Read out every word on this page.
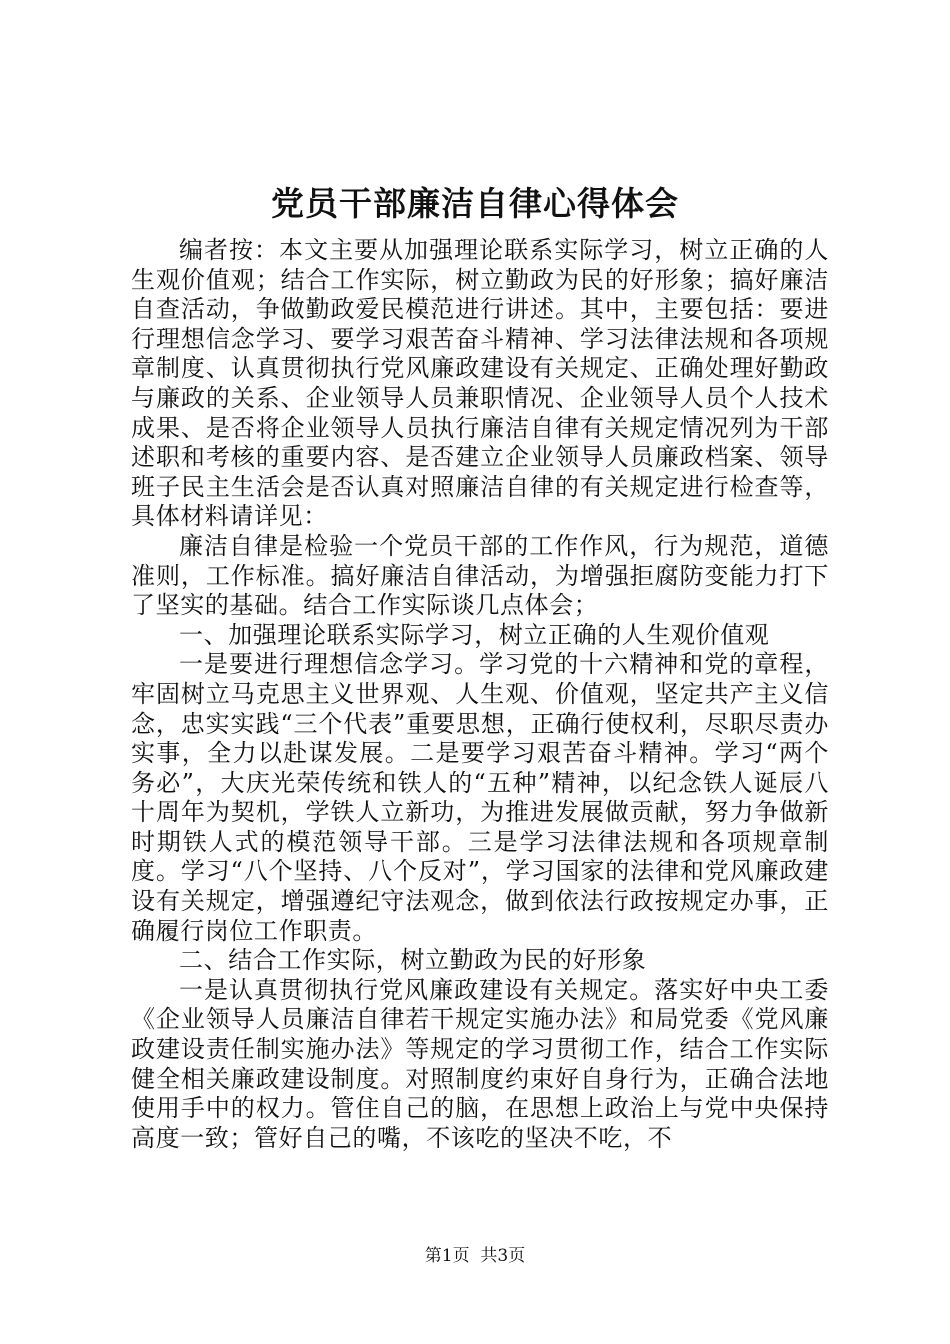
党员干部廉洁自律心得体会

编者按：本文主要从加强理论联系实际学习，树立正确的人生观价值观；结合工作实际，树立勤政为民的好形象；搞好廉洁自查活动，争做勤政爱民模范进行讲述。其中，主要包括：要进行理想信念学习、要学习艰苦奋斗精神、学习法律法规和各项规章制度、认真贯彻执行党风廉政建设有关规定、正确处理好勤政与廉政的关系、企业领导人员兼职情况、企业领导人员个人技术成果、是否将企业领导人员执行廉洁自律有关规定情况列为干部述职和考核的重要内容、是否建立企业领导人员廉政档案、领导班子民主生活会是否认真对照廉洁自律的有关规定进行检查等，具体材料请详见：

廉洁自律是检验一个党员干部的工作作风，行为规范，道德准则，工作标准。搞好廉洁自律活动，为增强拒腐防变能力打下了坚实的基础。结合工作实际谈几点体会；

一、加强理论联系实际学习，树立正确的人生观价值观

一是要进行理想信念学习。学习党的十六精神和党的章程，牢固树立马克思主义世界观、人生观、价值观，坚定共产主义信念，忠实实践“三个代表”重要思想，正确行使权利，尽职尽责办实事，全力以赴谋发展。二是要学习艰苦奋斗精神。学习“两个务必”，大庆光荣传统和铁人的“五种”精神，以纪念铁人诞辰八十周年为契机，学铁人立新功，为推进发展做贡献，努力争做新时期铁人式的模范领导干部。三是学习法律法规和各项规章制度。学习“八个坚持、八个反对”，学习国家的法律和党风廉政建设有关规定，增强遵纪守法观念，做到依法行政按规定办事，正确履行岗位工作职责。

二、结合工作实际，树立勤政为民的好形象

一是认真贯彻执行党风廉政建设有关规定。落实好中央工委《企业领导人员廉洁自律若干规定实施办法》和局党委《党风廉政建设责任制实施办法》等规定的学习贯彻工作，结合工作实际健全相关廉政建设制度。对照制度约束好自身行为，正确合法地使用手中的权力。管住自己的脑，在思想上政治上与党中央保持高度一致；管好自己的嘴，不该吃的坚决不吃，不

第1页 共3页
